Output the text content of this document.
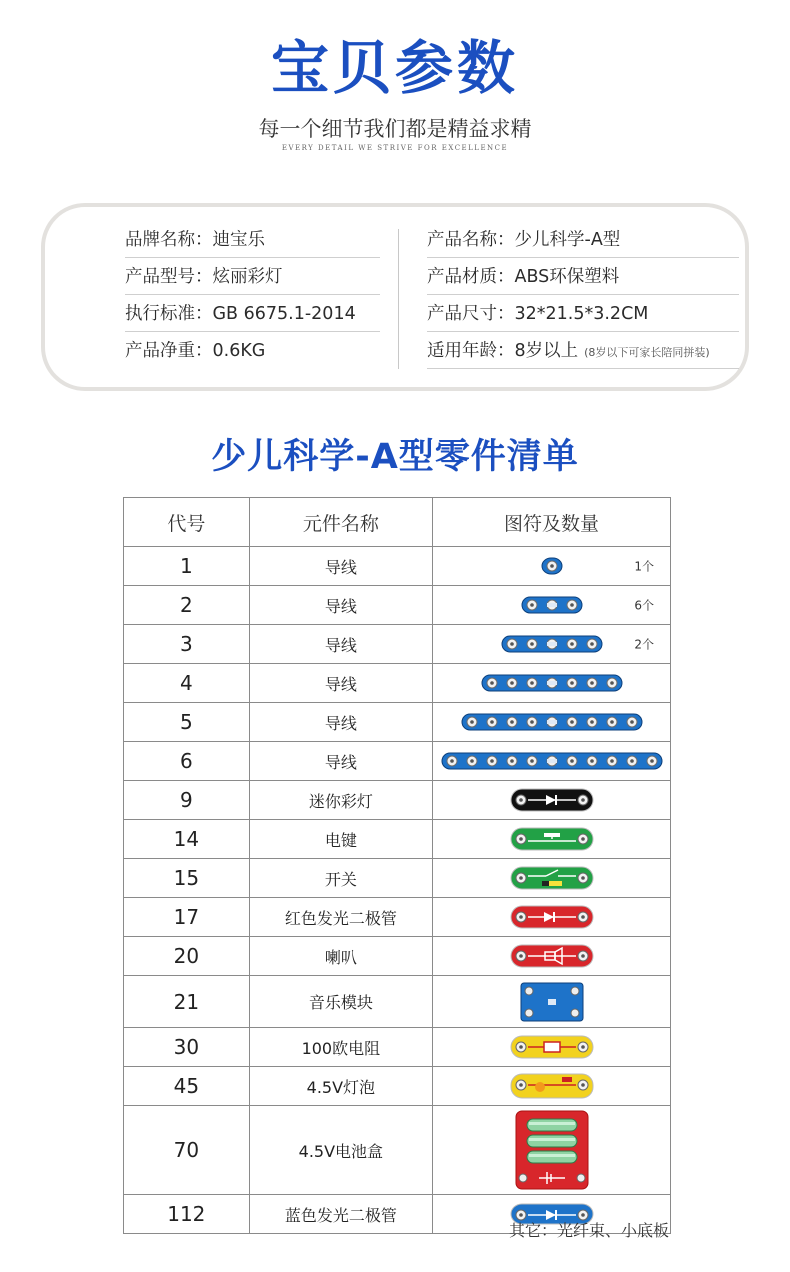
宝贝参数
每一个细节我们都是精益求精
EVERY DETAIL WE STRIVE FOR EXCELLENCE
品牌名称：迪宝乐
产品型号：炫丽彩灯
执行标准：GB 6675.1-2014
产品净重：0.6KG
产品名称：少儿科学-A型
产品材质：ABS环保塑料
产品尺寸：32*21.5*3.2CM
适用年龄：8岁以上 (8岁以下可家长陪同拼装)
少儿科学-A型零件清单
代号	元件名称	图符及数量
1	导线	1个

2	导线	6个

3	导线	2个

4	导线	

5	导线	

6	导线	

9	迷你彩灯	

14	电键	

15	开关	

17	红色发光二极管	

20	喇叭	

21	音乐模块	

30	100欧电阻	

45	4.5V灯泡	

70	4.5V电池盒	

112	蓝色发光二极管	
其它：光纤束、小底板
